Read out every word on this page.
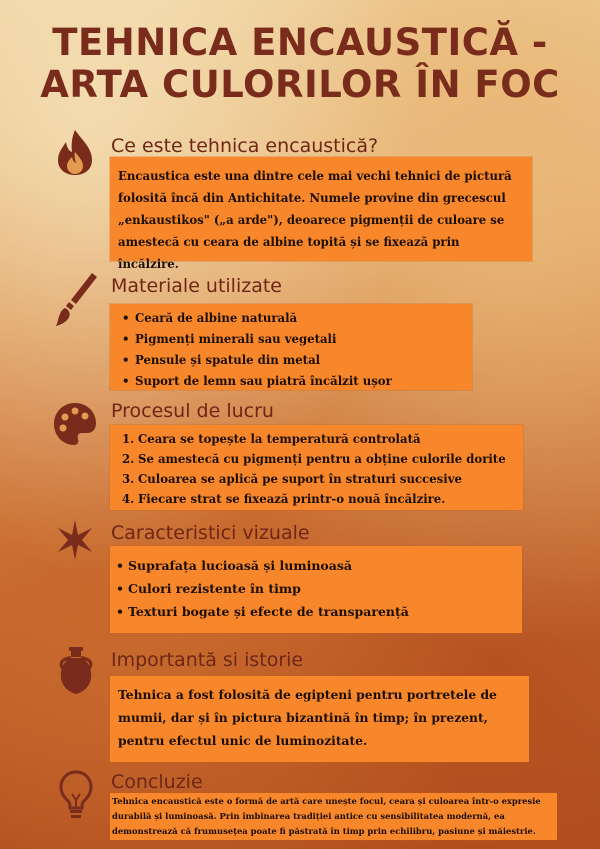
TEHNICA ENCAUSTICĂ - ARTA CULORILOR ÎN FOC
Ce este tehnica encaustică?

Encaustica este una dintre cele mai vechi tehnici de pictură folosită încă din Antichitate. Numele provine din grecescul „enkaustikos" („a arde"), deoarece pigmenții de culoare se amestecă cu ceara de albine topită și se fixează prin încălzire.

Materiale utilizate
• Ceară de albine naturală
• Pigmenți minerali sau vegetali
• Pensule și spatule din metal
• Suport de lemn sau piatră încălzit ușor
Procesul de lucru
1. Ceara se topește la temperatură controlată
2. Se amestecă cu pigmenți pentru a obține culorile dorite
3. Culoarea se aplică pe suport în straturi succesive
4. Fiecare strat se fixează printr-o nouă încălzire.
Caracteristici vizuale
• Suprafața lucioasă și luminoasă
• Culori rezistente în timp
• Texturi bogate și efecte de transparență
Importantă si istorie

Tehnica a fost folosită de egipteni pentru portretele de mumii, dar și în pictura bizantină în timp; în prezent, pentru efectul unic de luminozitate.

Concluzie

Tehnica encaustică este o formă de artă care unește focul, ceara și culoarea într-o expresie durabilă și luminoasă. Prin îmbinarea tradiției antice cu sensibilitatea modernă, ea demonstrează că frumusețea poate fi păstrată în timp prin echilibru, pasiune și măiestrie.
